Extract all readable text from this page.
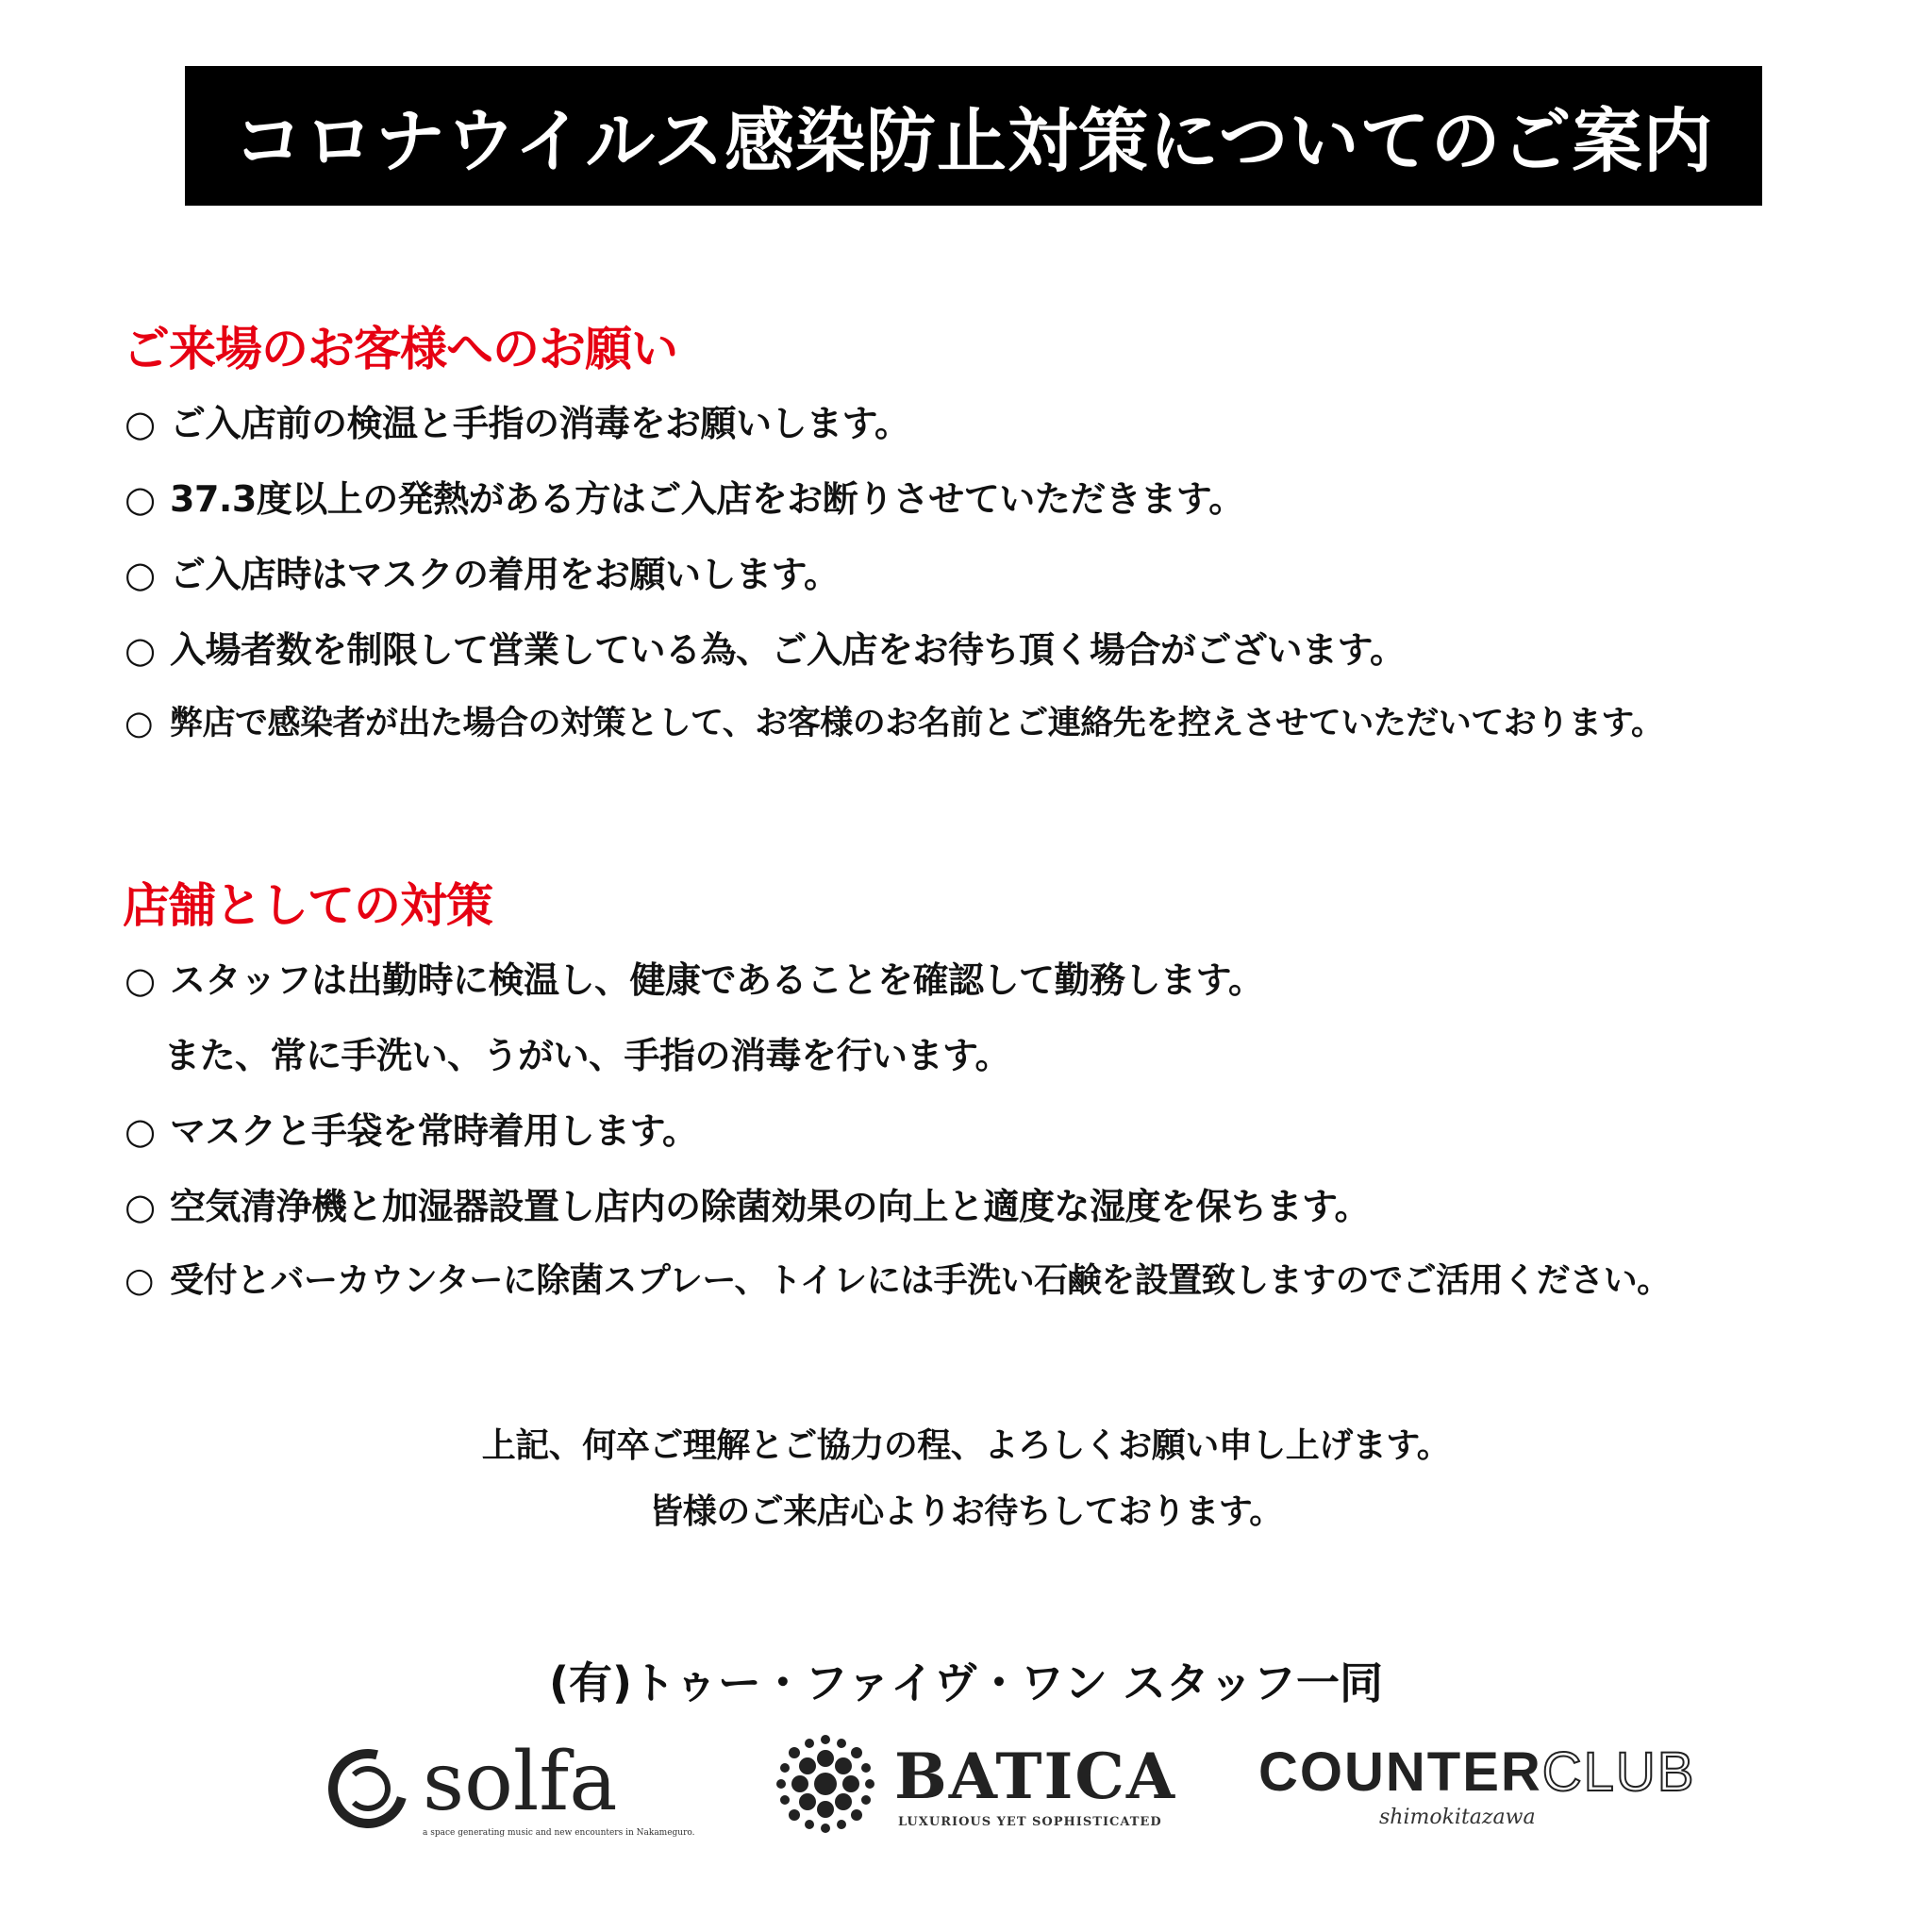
コロナウイルス感染防止対策についてのご案内
ご来場のお客様へのお願い
○ ご入店前の検温と手指の消毒をお願いします。
○ 37.3度以上の発熱がある方はご入店をお断りさせていただきます。
○ ご入店時はマスクの着用をお願いします。
○ 入場者数を制限して営業している為、ご入店をお待ち頂く場合がございます。
○ 弊店で感染者が出た場合の対策として、お客様のお名前とご連絡先を控えさせていただいております。
店舗としての対策
○ スタッフは出勤時に検温し、健康であることを確認して勤務します。
また、常に手洗い、うがい、手指の消毒を行います。
○ マスクと手袋を常時着用します。
○ 空気清浄機と加湿器設置し店内の除菌効果の向上と適度な湿度を保ちます。
○ 受付とバーカウンターに除菌スプレー、トイレには手洗い石鹸を設置致しますのでご活用ください。
上記、何卒ご理解とご協力の程、よろしくお願い申し上げます。
皆様のご来店心よりお待ちしております。
(有)トゥー・ファイヴ・ワン スタッフ一同
solfa
a space generating music and new encounters in Nakameguro.
BATICA
LUXURIOUS YET SOPHISTICATED
COUNTERCLUB
shimokitazawa
